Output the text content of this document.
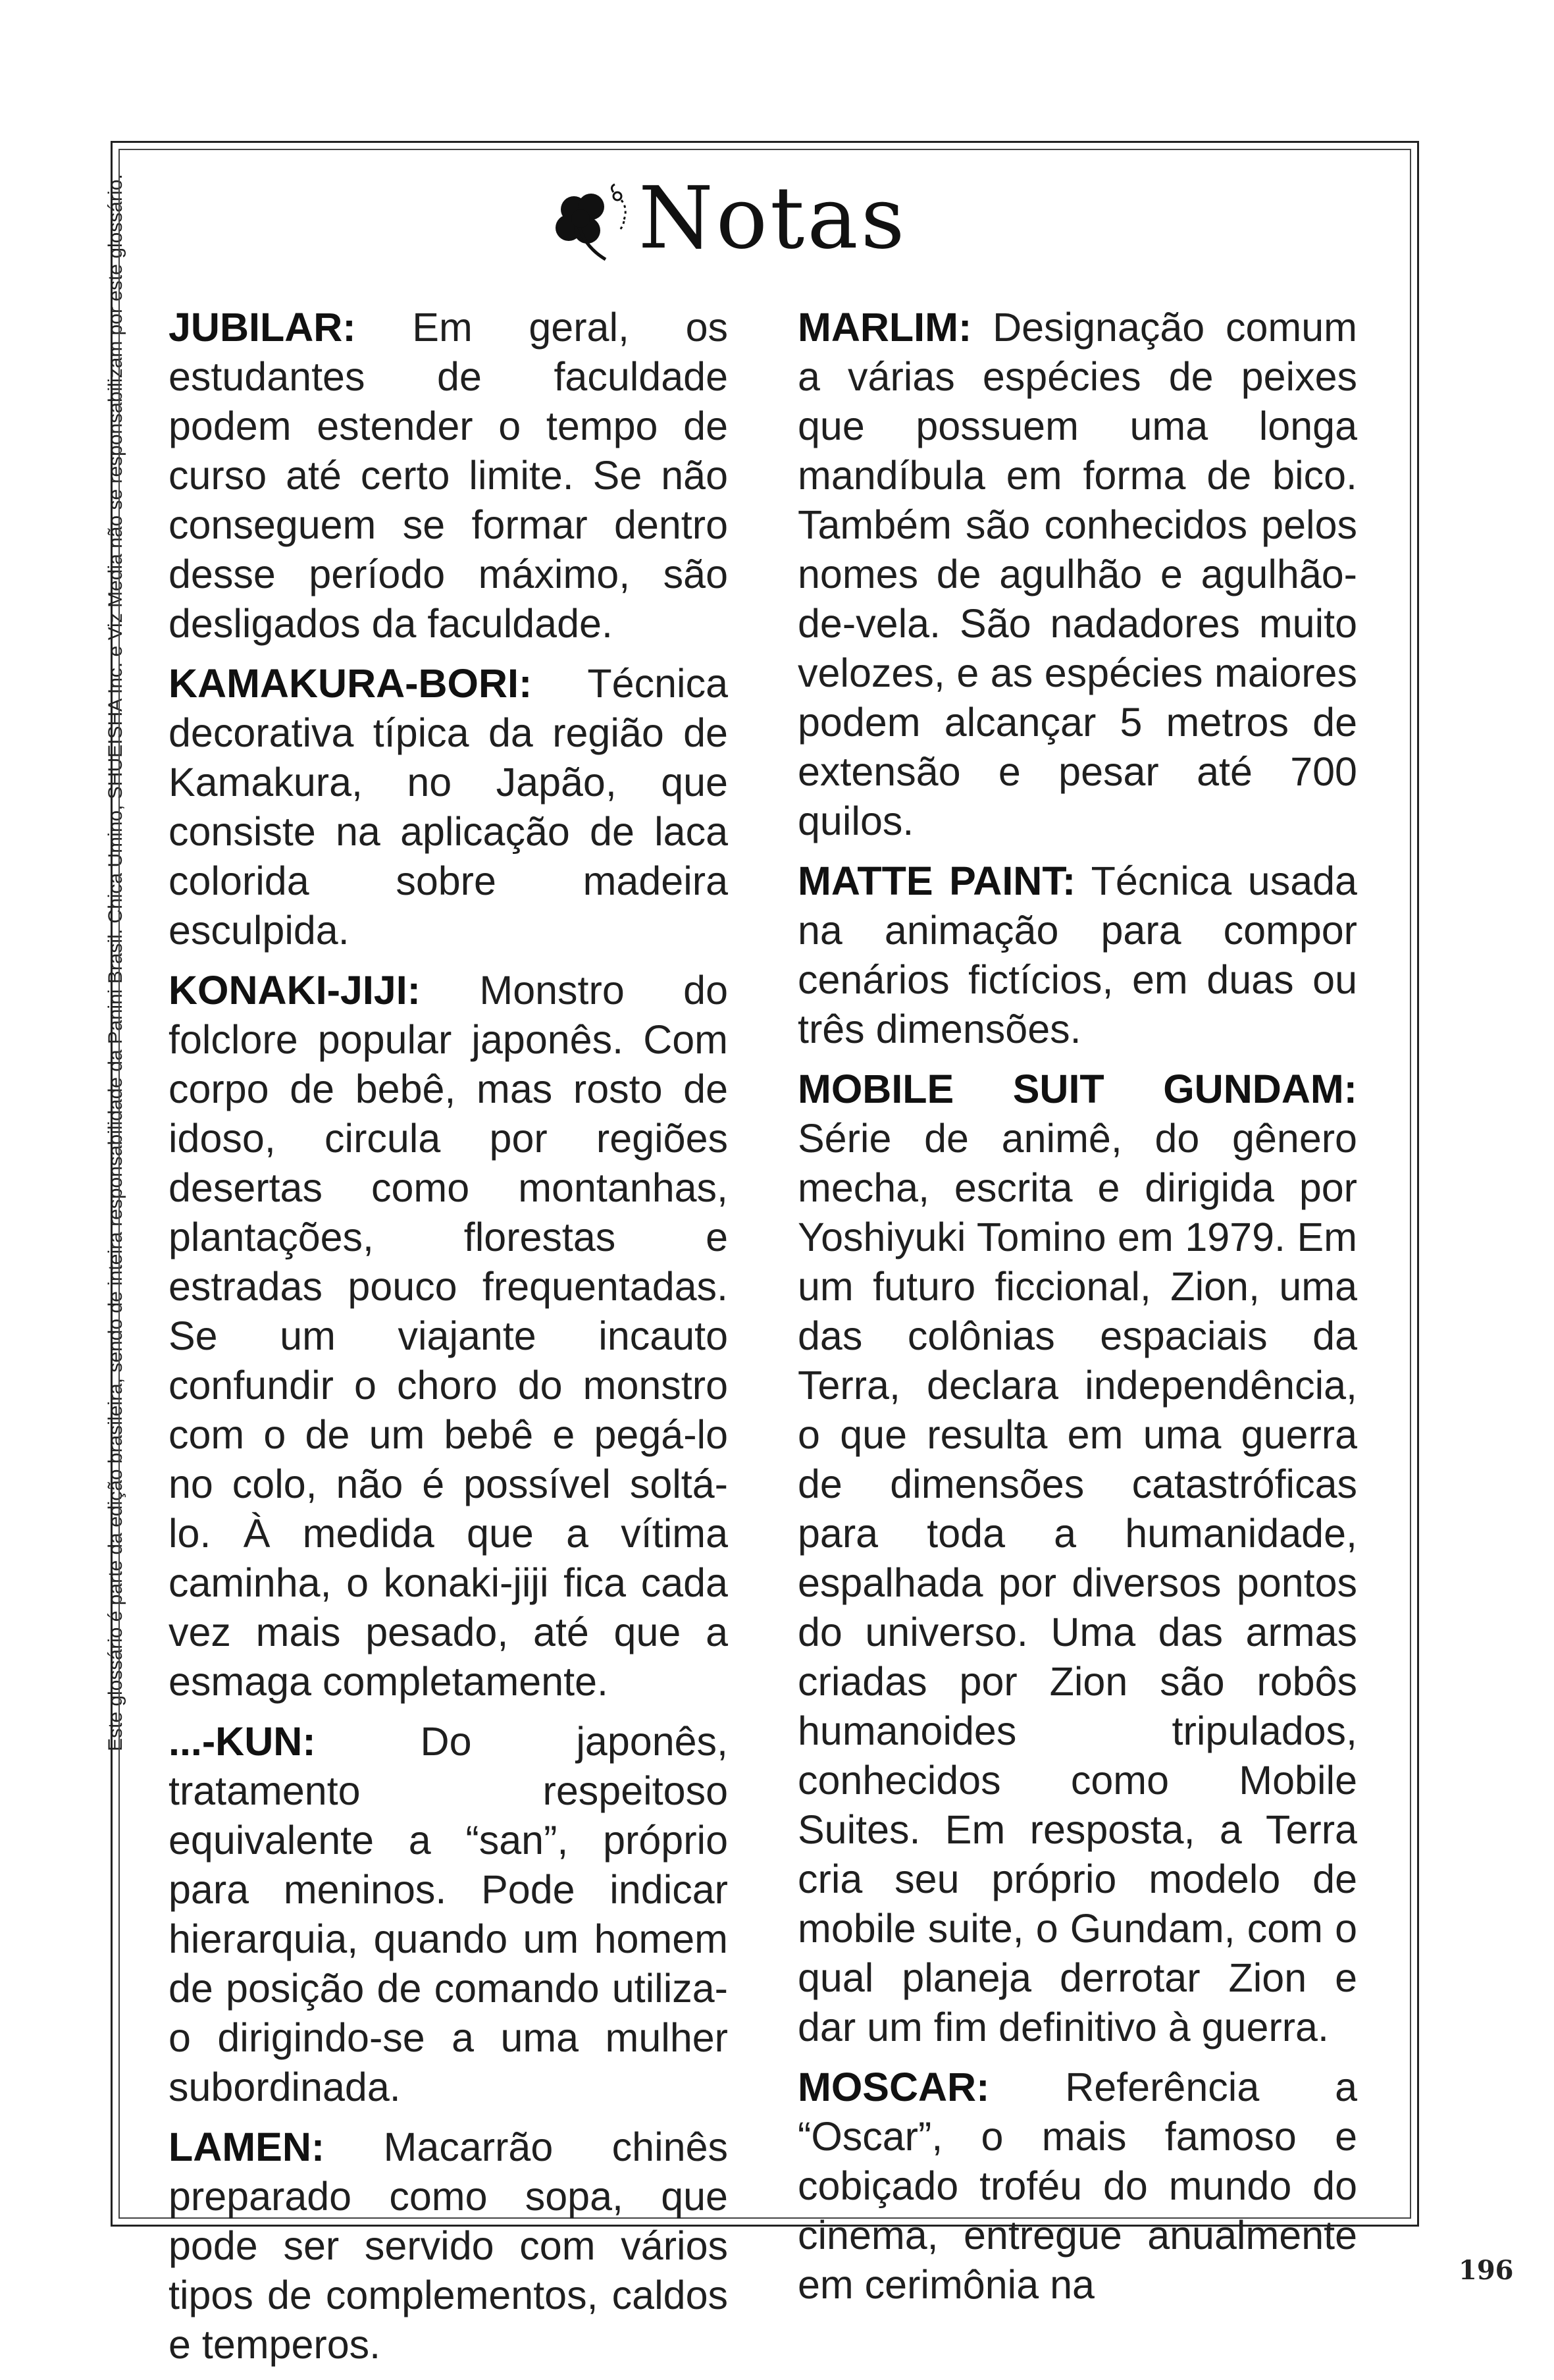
Este glossário é parte da edição brasileira, sendo de inteira responsabilidade da Panini Brasil. Chica Umino, SHUEISHA Inc. e Viz Media não se responsabilizam por este glossário.	Notas

JUBILAR: Em geral, os estudantes de faculdade podem estender o tempo de curso até certo limite. Se não conseguem se formar dentro desse período máximo, são desligados da faculdade.

KAMAKURA-BORI: Técnica decorativa típica da região de Kamakura, no Japão, que consiste na aplicação de laca colorida sobre madeira esculpida.

KONAKI-JIJI: Monstro do folclore popular japonês. Com corpo de bebê, mas rosto de idoso, circula por regiões desertas como montanhas, plantações, florestas e estradas pouco frequentadas. Se um viajante incauto confundir o choro do monstro com o de um bebê e pegá-lo no colo, não é possível soltá-lo. À medida que a vítima caminha, o konaki-jiji fica cada vez mais pesado, até que a esmaga completamente.

...-KUN:	Do japonês, tratamento respeitoso equivalente a “san”, próprio para meninos. Pode indicar hierarquia, quando um homem de posição de comando utiliza-o dirigindo-se a uma mulher subordinada.

LAMEN: Macarrão chinês preparado como sopa, que pode ser servido com vários tipos de complementos, caldos e temperos.

MARLIM: Designação comum a várias espécies de peixes que possuem uma longa mandíbula em forma de bico. Também são conhecidos pelos nomes de agulhão e agulhão-de-vela. São nadadores muito velozes, e as espécies maiores podem alcançar 5 metros de extensão e pesar até 700 quilos.

MATTE PAINT: Técnica usada na animação para compor cenários fictícios, em duas ou três dimensões.

MOBILE SUIT GUNDAM: Série de animê, do gênero mecha, escrita e dirigida por Yoshiyuki Tomino em 1979. Em um futuro ficcional, Zion, uma das colônias espaciais da Terra, declara independência, o que resulta em uma guerra de dimensões catastróficas para toda a humanidade, espalhada por diversos pontos do universo. Uma das armas criadas por Zion são robôs humanoides tripulados, conhecidos como Mobile Suites. Em resposta, a Terra cria seu próprio modelo de mobile suite, o Gundam, com o qual planeja derrotar Zion e dar um fim definitivo à guerra.

MOSCAR: Referência a “Oscar”, o mais famoso e cobiçado troféu do mundo do cinema, entregue anualmente em cerimônia na	196
